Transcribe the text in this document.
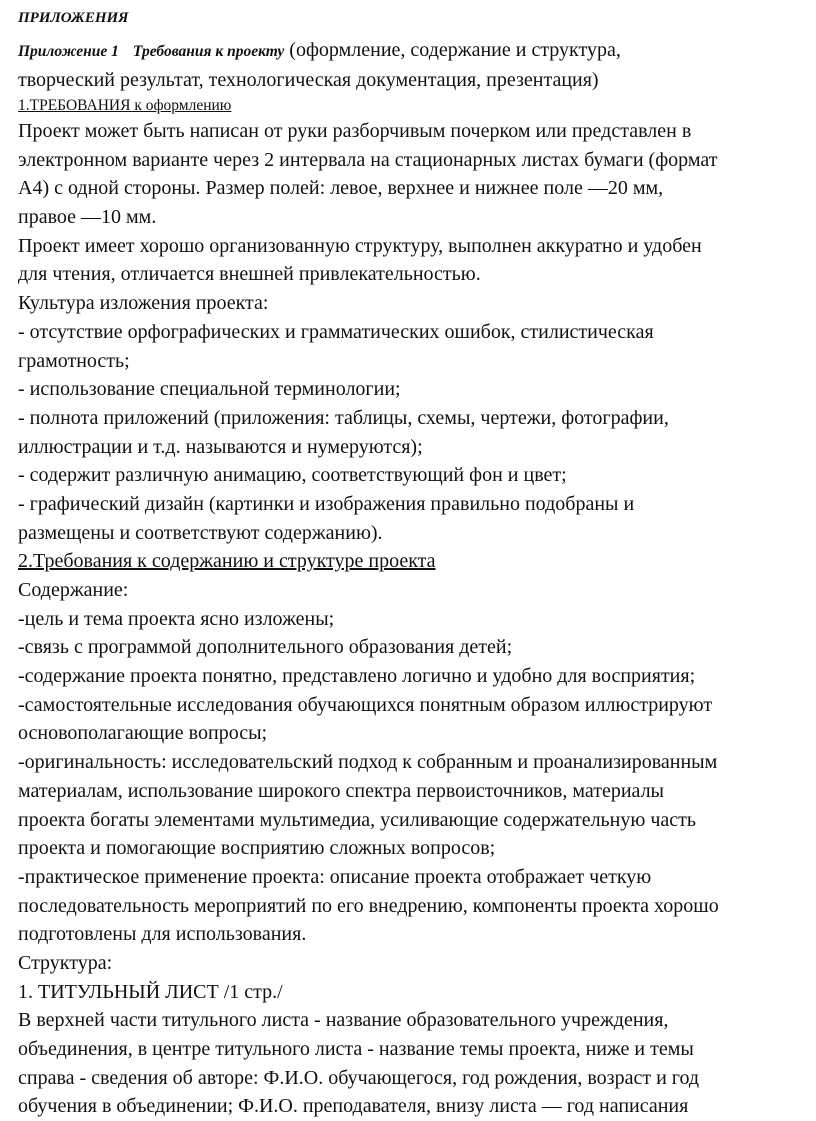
ПРИЛОЖЕНИЯ
Приложение 1 Требования к проекту (оформление, содержание и структура,
творческий результат, технологическая документация, презентация)
1.ТРЕБОВАНИЯ к оформлению
Проект может быть написан от руки разборчивым почерком или представлен в
электронном варианте через 2 интервала на стационарных листах бумаги (формат
А4) с одной стороны. Размер полей: левое, верхнее и нижнее поле —20 мм,
правое —10 мм.
Проект имеет хорошо организованную структуру, выполнен аккуратно и удобен
для чтения, отличается внешней привлекательностью.
Культура изложения проекта:
- отсутствие орфографических и грамматических ошибок, стилистическая
грамотность;
- использование специальной терминологии;
- полнота приложений (приложения: таблицы, схемы, чертежи, фотографии,
иллюстрации и т.д. называются и нумеруются);
- содержит различную анимацию, соответствующий фон и цвет;
- графический дизайн (картинки и изображения правильно подобраны и
размещены и соответствуют содержанию).
2.Требования к содержанию и структуре проекта
Содержание:
-цель и тема проекта ясно изложены;
-связь с программой дополнительного образования детей;
-содержание проекта понятно, представлено логично и удобно для восприятия;
-самостоятельные исследования обучающихся понятным образом иллюстрируют
основополагающие вопросы;
-оригинальность: исследовательский подход к собранным и проанализированным
материалам, использование широкого спектра первоисточников, материалы
проекта богаты элементами мультимедиа, усиливающие содержательную часть
проекта и помогающие восприятию сложных вопросов;
-практическое применение проекта: описание проекта отображает четкую
последовательность мероприятий по его внедрению, компоненты проекта хорошо
подготовлены для использования.
Структура:
1. ТИТУЛЬНЫЙ ЛИСТ /1 стр./
В верхней части титульного листа - название образовательного учреждения,
объединения, в центре титульного листа - название темы проекта, ниже и темы
справа - сведения об авторе: Ф.И.О. обучающегося, год рождения, возраст и год
обучения в объединении; Ф.И.О. преподавателя, внизу листа — год написания
